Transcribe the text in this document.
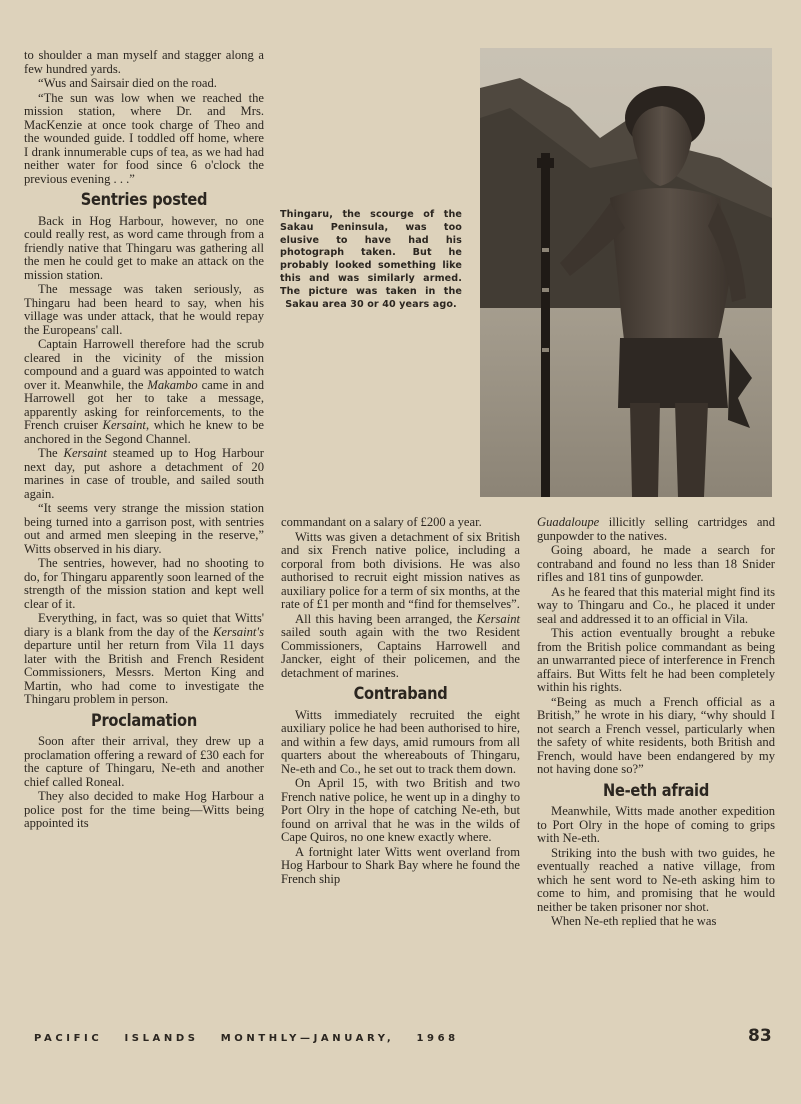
to shoulder a man myself and stagger along a few hundred yards.

“Wus and Sairsair died on the road.

“The sun was low when we reached the mission station, where Dr. and Mrs. MacKenzie at once took charge of Theo and the wounded guide. I toddled off home, where I drank innumerable cups of tea, as we had had neither water for food since 6 o'clock the previous evening . . .”

Sentries posted

Back in Hog Harbour, however, no one could really rest, as word came through from a friendly native that Thingaru was gathering all the men he could get to make an attack on the mission station.

The message was taken seriously, as Thingaru had been heard to say, when his village was under attack, that he would repay the Europeans' call.

Captain Harrowell therefore had the scrub cleared in the vicinity of the mission compound and a guard was appointed to watch over it. Meanwhile, the Makambo came in and Harrowell got her to take a message, apparently asking for reinforcements, to the French cruiser Kersaint, which he knew to be anchored in the Segond Channel.

The Kersaint steamed up to Hog Harbour next day, put ashore a detachment of 20 marines in case of trouble, and sailed south again.

“It seems very strange the mission station being turned into a garrison post, with sentries out and armed men sleeping in the reserve,” Witts observed in his diary.

The sentries, however, had no shooting to do, for Thingaru apparently soon learned of the strength of the mission station and kept well clear of it.

Everything, in fact, was so quiet that Witts' diary is a blank from the day of the Kersaint's departure until her return from Vila 11 days later with the British and French Resident Commissioners, Messrs. Merton King and Martin, who had come to investigate the Thingaru problem in person.

Proclamation

Soon after their arrival, they drew up a proclamation offering a reward of £30 each for the capture of Thingaru, Ne-eth and another chief called Roneal.

They also decided to make Hog Harbour a police post for the time being—Witts being appointed its

Thingaru, the scourge of the Sakau Peninsula, was too elusive to have had his photograph taken. But he probably looked something like this and was similarly armed. The picture was taken in the Sakau area 30 or 40 years ago.

commandant on a salary of £200 a year.

Witts was given a detachment of six British and six French native police, including a corporal from both divisions. He was also authorised to recruit eight mission natives as auxiliary police for a term of six months, at the rate of £1 per month and “find for themselves”.

All this having been arranged, the Kersaint sailed south again with the two Resident Commissioners, Captains Harrowell and Jancker, eight of their policemen, and the detachment of marines.

Contraband

Witts immediately recruited the eight auxiliary police he had been authorised to hire, and within a few days, amid rumours from all quarters about the whereabouts of Thingaru, Ne-eth and Co., he set out to track them down.

On April 15, with two British and two French native police, he went up in a dinghy to Port Olry in the hope of catching Ne-eth, but found on arrival that he was in the wilds of Cape Quiros, no one knew exactly where.

A fortnight later Witts went overland from Hog Harbour to Shark Bay where he found the French ship

Guadaloupe illicitly selling cartridges and gunpowder to the natives.

Going aboard, he made a search for contraband and found no less than 18 Snider rifles and 181 tins of gunpowder.

As he feared that this material might find its way to Thingaru and Co., he placed it under seal and addressed it to an official in Vila.

This action eventually brought a rebuke from the British police commandant as being an unwarranted piece of interference in French affairs. But Witts felt he had been completely within his rights.

“Being as much a French official as a British,” he wrote in his diary, “why should I not search a French vessel, particularly when the safety of white residents, both British and French, would have been endangered by my not having done so?”

Ne-eth afraid

Meanwhile, Witts made another expedition to Port Olry in the hope of coming to grips with Ne-eth.

Striking into the bush with two guides, he eventually reached a native village, from which he sent word to Ne-eth asking him to come to him, and promising that he would neither be taken prisoner nor shot.

When Ne-eth replied that he was

PACIFIC  ISLANDS  MONTHLY—JANUARY,  1968	83
